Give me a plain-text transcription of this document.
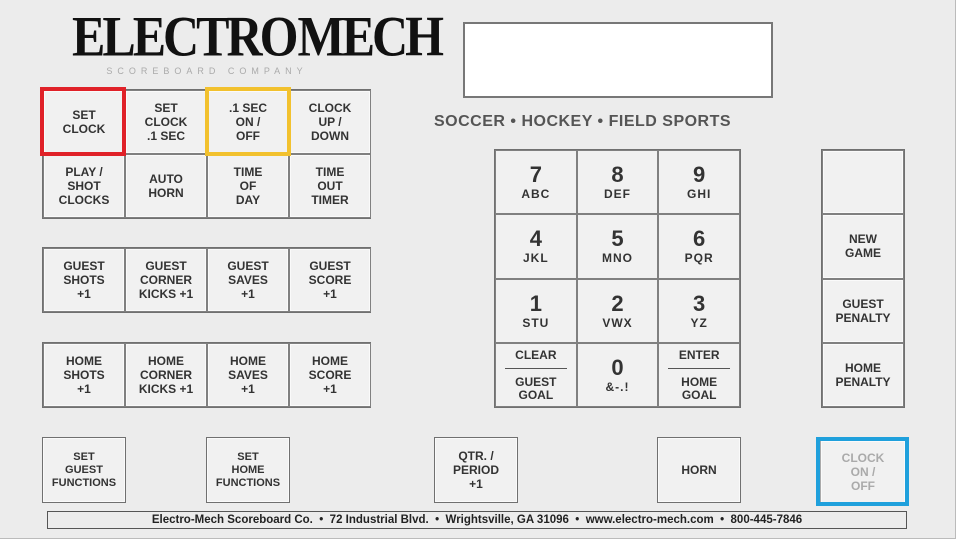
ELECTRO MECH
SCOREBOARD COMPANY
SOCCER • HOCKEY • FIELD SPORTS
SET
CLOCK
SET
CLOCK
.1 SEC
.1 SEC
ON /
OFF
CLOCK
UP /
DOWN
PLAY /
SHOT
CLOCKS
AUTO
HORN
TIME
OF
DAY
TIME
OUT
TIMER
GUEST
SHOTS
+1
GUEST
CORNER
KICKS +1
GUEST
SAVES
+1
GUEST
SCORE
+1
HOME
SHOTS
+1
HOME
CORNER
KICKS +1
HOME
SAVES
+1
HOME
SCORE
+1
7
ABC
8
DEF
9
GHI
4
JKL
5
MNO
6
PQR
1
STU
2
VWX
3
YZ
CLEAR
GUEST
GOAL
0
&-.!
ENTER
HOME
GOAL
NEW
GAME
GUEST
PENALTY
HOME
PENALTY
SET
GUEST
FUNCTIONS
SET
HOME
FUNCTIONS
QTR. /
PERIOD
+1
HORN
CLOCK
ON /
OFF
Electro-Mech Scoreboard Co.  •  72 Industrial Blvd.  •  Wrightsville, GA 31096  •  www.electro-mech.com  •  800-445-7846
